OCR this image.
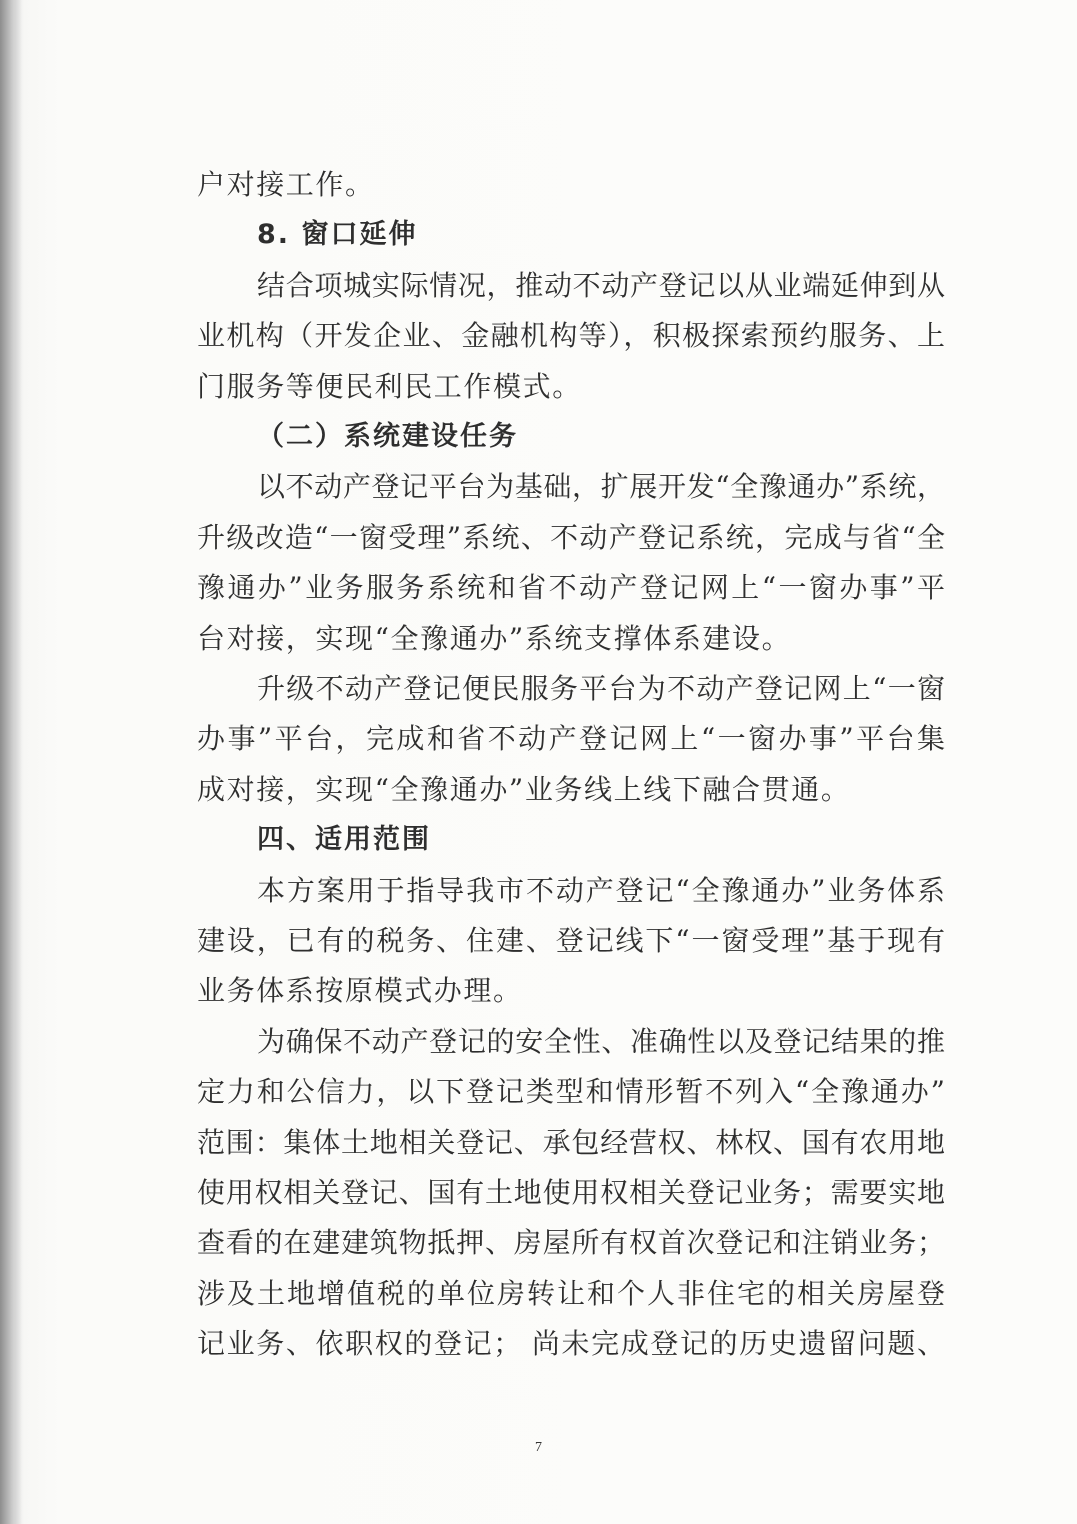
户对接工作。
8. 窗口延伸
结合项城实际情况，推动不动产登记以从业端延伸到从
业机构（开发企业、金融机构等），积极探索预约服务、上
门服务等便民利民工作模式。
（二）系统建设任务
以不动产登记平台为基础，扩展开发“全豫通办”系统，
升级改造“一窗受理”系统、不动产登记系统，完成与省“全
豫通办”业务服务系统和省不动产登记网上“一窗办事”平
台对接，实现“全豫通办”系统支撑体系建设。
升级不动产登记便民服务平台为不动产登记网上“一窗
办事”平台，完成和省不动产登记网上“一窗办事”平台集
成对接，实现“全豫通办”业务线上线下融合贯通。
四、适用范围
本方案用于指导我市不动产登记“全豫通办”业务体系
建设，已有的税务、住建、登记线下“一窗受理”基于现有
业务体系按原模式办理。
为确保不动产登记的安全性、准确性以及登记结果的推
定力和公信力，以下登记类型和情形暂不列入“全豫通办”
范围：集体土地相关登记、承包经营权、林权、国有农用地
使用权相关登记、国有土地使用权相关登记业务；需要实地
查看的在建建筑物抵押、房屋所有权首次登记和注销业务；
涉及土地增值税的单位房转让和个人非住宅的相关房屋登
记业务、依职权的登记； 尚未完成登记的历史遗留问题、
7
